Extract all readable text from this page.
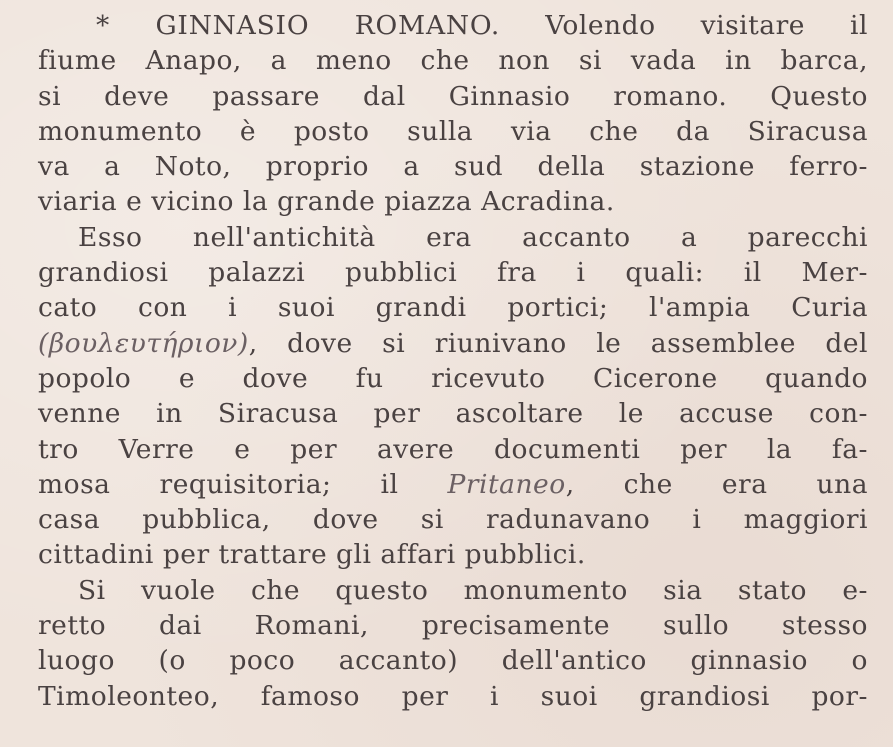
* GINNASIO ROMANO. Volendo visitare il
fiume Anapo, a meno che non si vada in barca,
si deve passare dal Ginnasio romano. Questo
monumento è posto sulla via che da Siracusa
va a Noto, proprio a sud della stazione ferro-
viaria e vicino la grande piazza Acradina.
Esso nell'antichità era accanto a parecchi
grandiosi palazzi pubblici fra i quali: il Mer-
cato con i suoi grandi portici; l'ampia Curia
(βουλευτήριον), dove si riunivano le assemblee del
popolo e dove fu ricevuto Cicerone quando
venne in Siracusa per ascoltare le accuse con-
tro Verre e per avere documenti per la fa-
mosa requisitoria; il Pritaneo, che era una
casa pubblica, dove si radunavano i maggiori
cittadini per trattare gli affari pubblici.
Si vuole che questo monumento sia stato e-
retto dai Romani, precisamente sullo stesso
luogo (o poco accanto) dell'antico ginnasio o
Timoleonteo, famoso per i suoi grandiosi por-
